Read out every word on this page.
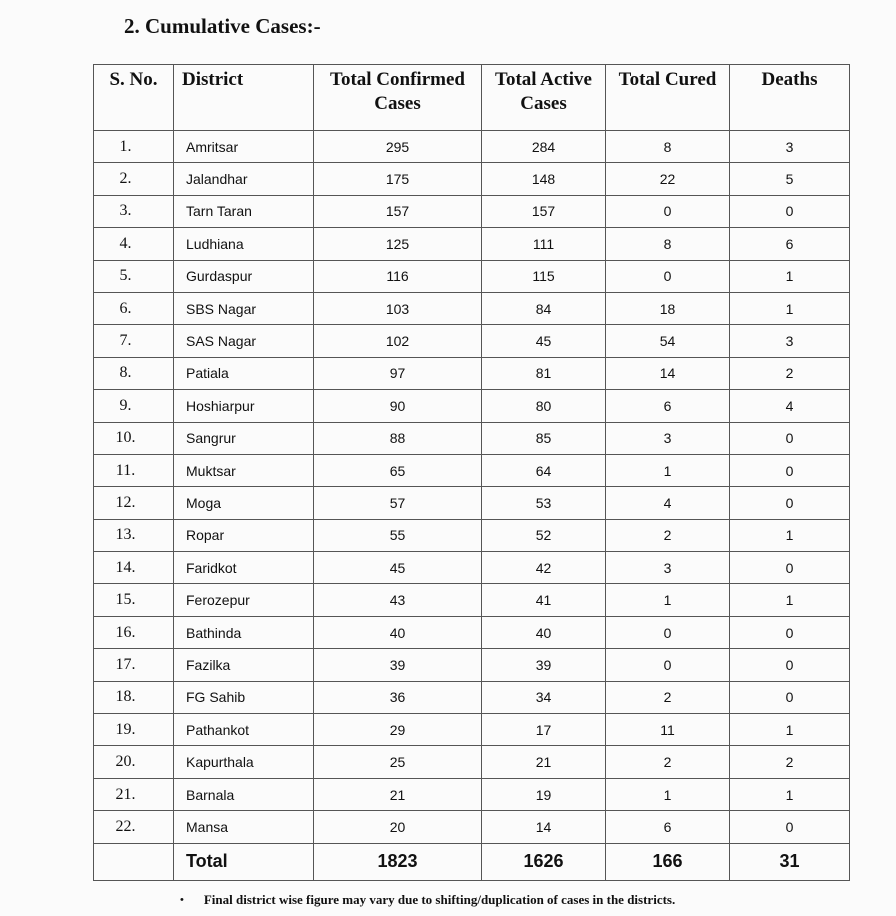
2. Cumulative Cases:-
S. No.	District	Total Confirmed Cases	Total Active Cases	Total Cured	Deaths
1.	Amritsar	295	284	8	3
2.	Jalandhar	175	148	22	5
3.	Tarn Taran	157	157	0	0
4.	Ludhiana	125	111	8	6
5.	Gurdaspur	116	115	0	1
6.	SBS Nagar	103	84	18	1
7.	SAS Nagar	102	45	54	3
8.	Patiala	97	81	14	2
9.	Hoshiarpur	90	80	6	4
10.	Sangrur	88	85	3	0
11.	Muktsar	65	64	1	0
12.	Moga	57	53	4	0
13.	Ropar	55	52	2	1
14.	Faridkot	45	42	3	0
15.	Ferozepur	43	41	1	1
16.	Bathinda	40	40	0	0
17.	Fazilka	39	39	0	0
18.	FG Sahib	36	34	2	0
19.	Pathankot	29	17	11	1
20.	Kapurthala	25	21	2	2
21.	Barnala	21	19	1	1
22.	Mansa	20	14	6	0
	Total	1823	1626	166	31
• Final district wise figure may vary due to shifting/duplication of cases in the districts.
